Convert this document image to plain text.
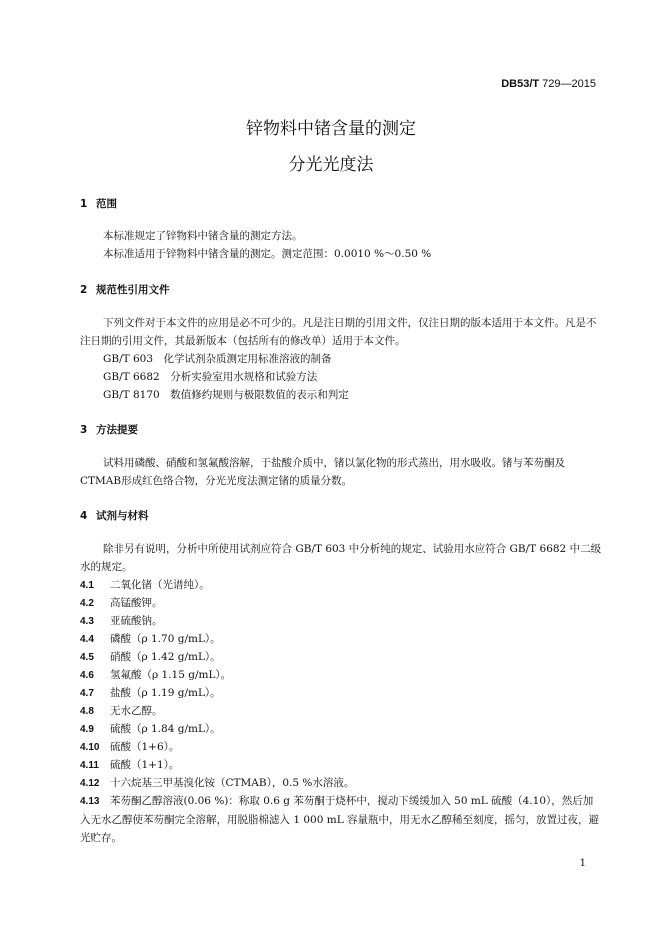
DB53/T 729—2015
锌物料中锗含量的测定
分光光度法
1 范围
本标准规定了锌物料中锗含量的测定方法。
本标准适用于锌物料中锗含量的测定。测定范围：0.0010 %～0.50 %
2 规范性引用文件
下列文件对于本文件的应用是必不可少的。凡是注日期的引用文件，仅注日期的版本适用于本文件。凡是不注日期的引用文件，其最新版本（包括所有的修改单）适用于本文件。
GB/T 603　化学试剂杂质测定用标准溶液的制备
GB/T 6682　分析实验室用水规格和试验方法
GB/T 8170　数值修约规则与极限数值的表示和判定
3 方法提要
试料用磷酸、硝酸和氢氟酸溶解，于盐酸介质中，锗以氯化物的形式蒸出，用水吸收。锗与苯芴酮及CTMAB形成红色络合物，分光光度法测定锗的质量分数。
4 试剂与材料
除非另有说明，分析中所使用试剂应符合 GB/T 603 中分析纯的规定、试验用水应符合 GB/T 6682 中二级水的规定。
4.1 二氧化锗（光谱纯）。
4.2 高锰酸钾。
4.3 亚硫酸钠。
4.4 磷酸（ρ 1.70 g/mL）。
4.5 硝酸（ρ 1.42 g/mL）。
4.6 氢氟酸（ρ 1.15 g/mL）。
4.7 盐酸（ρ 1.19 g/mL）。
4.8 无水乙醇。
4.9 硫酸（ρ 1.84 g/mL）。
4.10 硫酸（1+6）。
4.11 硫酸（1+1）。
4.12 十六烷基三甲基溴化铵（CTMAB），0.5 %水溶液。
4.13 苯芴酮乙醇溶液(0.06 %)：称取 0.6 g 苯芴酮于烧杯中，搅动下缓缓加入 50 mL 硫酸（4.10），然后加入无水乙醇使苯芴酮完全溶解，用脱脂棉滤入 1 000 mL 容量瓶中，用无水乙醇稀至刻度，摇匀，放置过夜，避光贮存。
1
